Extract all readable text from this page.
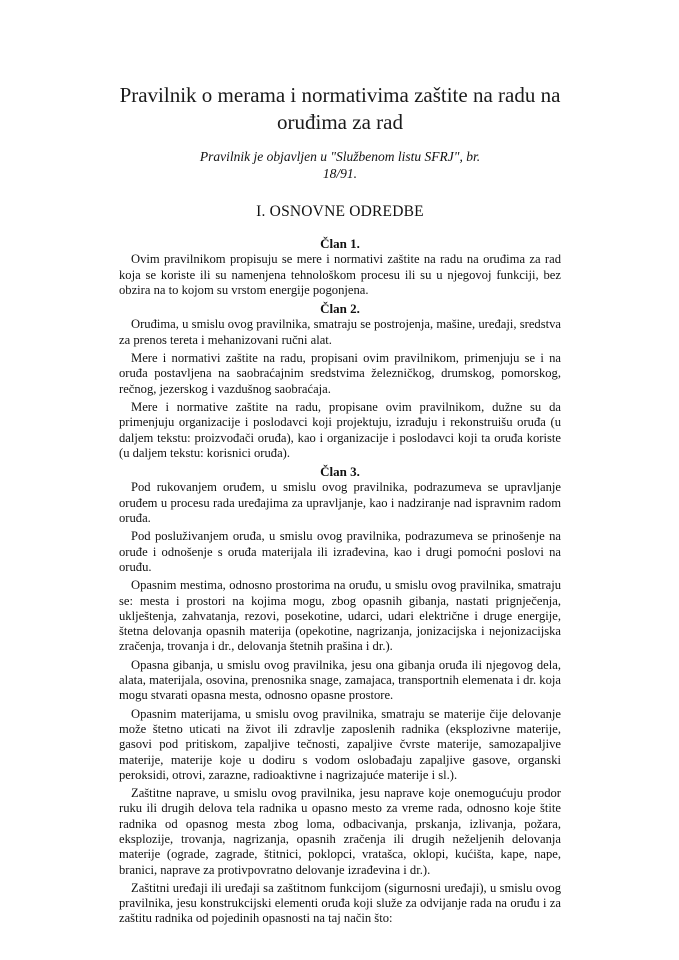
Pravilnik o merama i normativima zaštite na radu na oruđima za rad
Pravilnik je objavljen u "Službenom listu SFRJ", br. 18/91.
I. OSNOVNE ODREDBE
Član 1.

Ovim pravilnikom propisuju se mere i normativi zaštite na radu na oruđima za rad koja se koriste ili su namenjena tehnološkom procesu ili su u njegovoj funkciji, bez obzira na to kojom su vrstom energije pogonjena.

Član 2.

Oruđima, u smislu ovog pravilnika, smatraju se postrojenja, mašine, uređaji, sredstva za prenos tereta i mehanizovani ručni alat.

Mere i normativi zaštite na radu, propisani ovim pravilnikom, primenjuju se i na oruđa postavljena na saobraćajnim sredstvima železničkog, drumskog, pomorskog, rečnog, jezerskog i vazdušnog saobraćaja.

Mere i normative zaštite na radu, propisane ovim pravilnikom, dužne su da primenjuju organizacije i poslodavci koji projektuju, izrađuju i rekonstruišu oruđa (u daljem tekstu: proizvođači oruđa), kao i organizacije i poslodavci koji ta oruđa koriste (u daljem tekstu: korisnici oruđa).

Član 3.

Pod rukovanjem oruđem, u smislu ovog pravilnika, podrazumeva se upravljanje oruđem u procesu rada uređajima za upravljanje, kao i nadziranje nad ispravnim radom oruđa.

Pod posluživanjem oruđa, u smislu ovog pravilnika, podrazumeva se prinošenje na oruđe i odnošenje s oruđa materijala ili izrađevina, kao i drugi pomoćni poslovi na oruđu.

Opasnim mestima, odnosno prostorima na oruđu, u smislu ovog pravilnika, smatraju se: mesta i prostori na kojima mogu, zbog opasnih gibanja, nastati prignječenja, uklještenja, zahvatanja, rezovi, posekotine, udarci, udari električne i druge energije, štetna delovanja opasnih materija (opekotine, nagrizanja, jonizacijska i nejonizacijska zračenja, trovanja i dr., delovanja štetnih prašina i dr.).

Opasna gibanja, u smislu ovog pravilnika, jesu ona gibanja oruđa ili njegovog dela, alata, materijala, osovina, prenosnika snage, zamajaca, transportnih elemenata i dr. koja mogu stvarati opasna mesta, odnosno opasne prostore.

Opasnim materijama, u smislu ovog pravilnika, smatraju se materije čije delovanje može štetno uticati na život ili zdravlje zaposlenih radnika (eksplozivne materije, gasovi pod pritiskom, zapaljive tečnosti, zapaljive čvrste materije, samozapaljive materije, materije koje u dodiru s vodom oslobađaju zapaljive gasove, organski peroksidi, otrovi, zarazne, radioaktivne i nagrizajuće materije i sl.).

Zaštitne naprave, u smislu ovog pravilnika, jesu naprave koje onemogućuju prodor ruku ili drugih delova tela radnika u opasno mesto za vreme rada, odnosno koje štite radnika od opasnog mesta zbog loma, odbacivanja, prskanja, izlivanja, požara, eksplozije, trovanja, nagrizanja, opasnih zračenja ili drugih neželjenih delovanja materije (ograde, zagrade, štitnici, poklopci, vratašca, oklopi, kućišta, kape, nape, branici, naprave za protivpovratno delovanje izrađevina i dr.).

Zaštitni uređaji ili uređaji sa zaštitnom funkcijom (sigurnosni uređaji), u smislu ovog pravilnika, jesu konstrukcijski elementi oruđa koji služe za odvijanje rada na oruđu i za zaštitu radnika od pojedinih opasnosti na taj način što:
